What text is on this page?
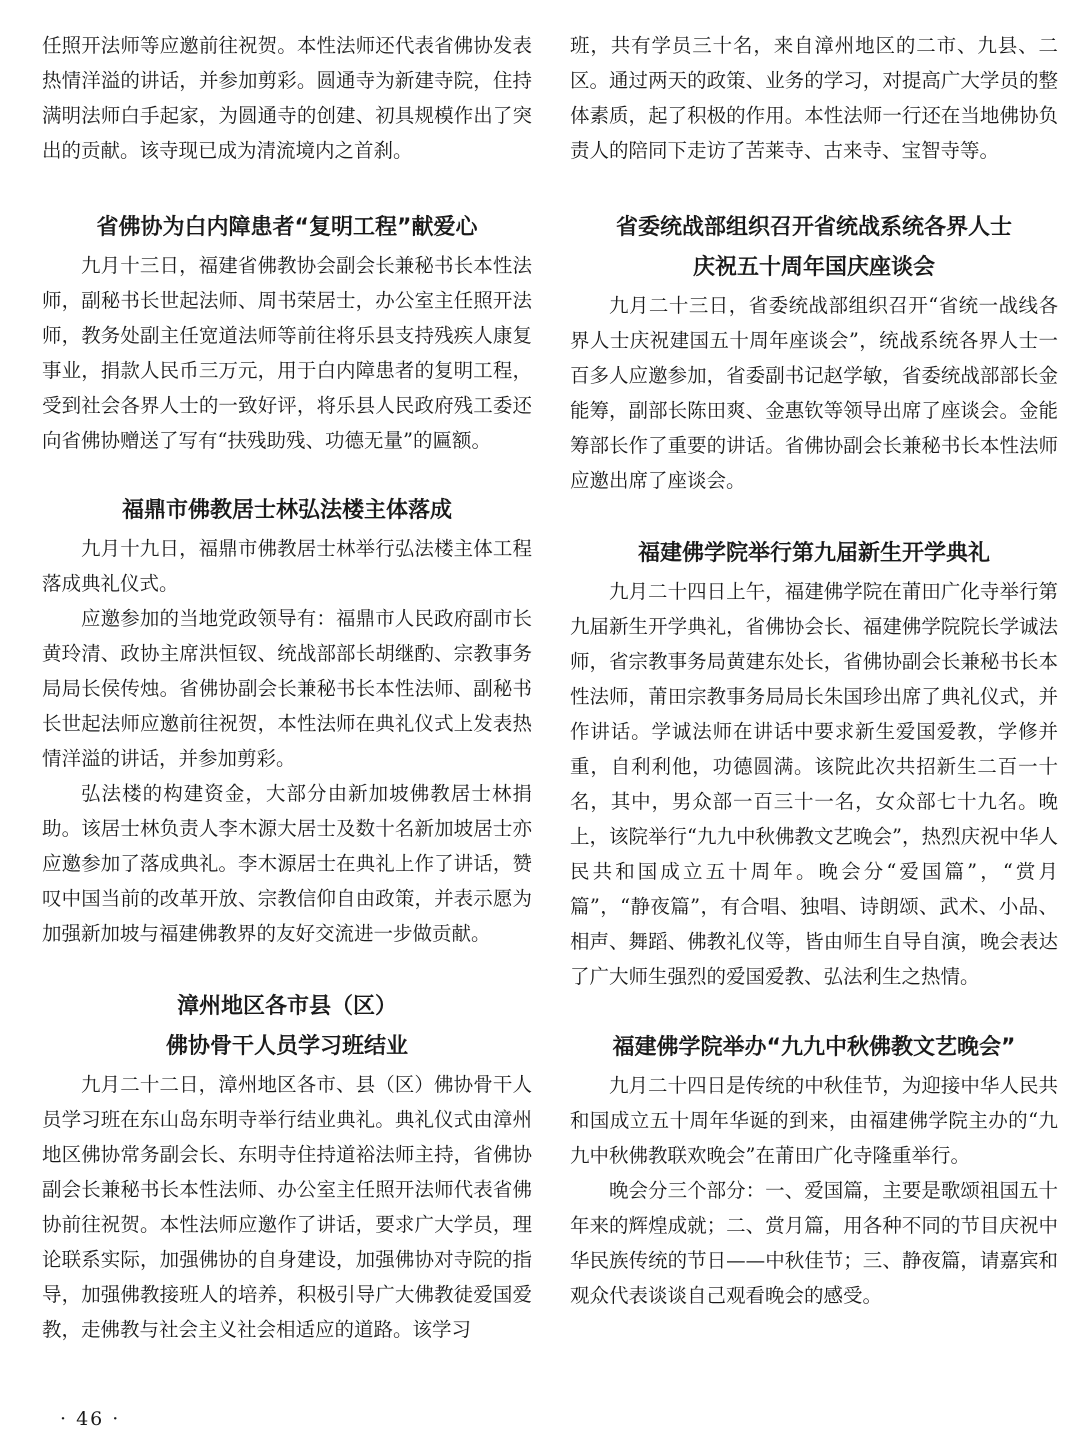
任照开法师等应邀前往祝贺。本性法师还代表省佛协发表热情洋溢的讲话，并参加剪彩。圆通寺为新建寺院，住持满明法师白手起家，为圆通寺的创建、初具规模作出了突出的贡献。该寺现已成为清流境内之首刹。

省佛协为白内障患者“复明工程”献爱心

九月十三日，福建省佛教协会副会长兼秘书长本性法师，副秘书长世起法师、周书荣居士，办公室主任照开法师，教务处副主任宽道法师等前往将乐县支持残疾人康复事业，捐款人民币三万元，用于白内障患者的复明工程，受到社会各界人士的一致好评，将乐县人民政府残工委还向省佛协赠送了写有“扶残助残、功德无量”的匾额。

福鼎市佛教居士林弘法楼主体落成

九月十九日，福鼎市佛教居士林举行弘法楼主体工程落成典礼仪式。

应邀参加的当地党政领导有：福鼎市人民政府副市长黄玲清、政协主席洪恒钗、统战部部长胡继酌、宗教事务局局长侯传烛。省佛协副会长兼秘书长本性法师、副秘书长世起法师应邀前往祝贺，本性法师在典礼仪式上发表热情洋溢的讲话，并参加剪彩。

弘法楼的构建资金，大部分由新加坡佛教居士林捐助。该居士林负责人李木源大居士及数十名新加坡居士亦应邀参加了落成典礼。李木源居士在典礼上作了讲话，赞叹中国当前的改革开放、宗教信仰自由政策，并表示愿为加强新加坡与福建佛教界的友好交流进一步做贡献。

漳州地区各市县（区）
佛协骨干人员学习班结业

九月二十二日，漳州地区各市、县（区）佛协骨干人员学习班在东山岛东明寺举行结业典礼。典礼仪式由漳州地区佛协常务副会长、东明寺住持道裕法师主持，省佛协副会长兼秘书长本性法师、办公室主任照开法师代表省佛协前往祝贺。本性法师应邀作了讲话，要求广大学员，理论联系实际，加强佛协的自身建设，加强佛协对寺院的指导，加强佛教接班人的培养，积极引导广大佛教徒爱国爱教，走佛教与社会主义社会相适应的道路。该学习

班，共有学员三十名，来自漳州地区的二市、九县、二区。通过两天的政策、业务的学习，对提高广大学员的整体素质，起了积极的作用。本性法师一行还在当地佛协负责人的陪同下走访了苦莱寺、古来寺、宝智寺等。

省委统战部组织召开省统战系统各界人士
庆祝五十周年国庆座谈会

九月二十三日，省委统战部组织召开“省统一战线各界人士庆祝建国五十周年座谈会”，统战系统各界人士一百多人应邀参加，省委副书记赵学敏，省委统战部部长金能筹，副部长陈田爽、金惠钦等领导出席了座谈会。金能筹部长作了重要的讲话。省佛协副会长兼秘书长本性法师应邀出席了座谈会。

福建佛学院举行第九届新生开学典礼

九月二十四日上午，福建佛学院在莆田广化寺举行第九届新生开学典礼，省佛协会长、福建佛学院院长学诚法师，省宗教事务局黄建东处长，省佛协副会长兼秘书长本性法师，莆田宗教事务局局长朱国珍出席了典礼仪式，并作讲话。学诚法师在讲话中要求新生爱国爱教，学修并重，自利利他，功德圆满。该院此次共招新生二百一十名，其中，男众部一百三十一名，女众部七十九名。晚上，该院举行“九九中秋佛教文艺晚会”，热烈庆祝中华人民共和国成立五十周年。晚会分“爱国篇”，“赏月篇”，“静夜篇”，有合唱、独唱、诗朗颂、武术、小品、相声、舞蹈、佛教礼仪等，皆由师生自导自演，晚会表达了广大师生强烈的爱国爱教、弘法利生之热情。

福建佛学院举办“九九中秋佛教文艺晚会”

九月二十四日是传统的中秋佳节，为迎接中华人民共和国成立五十周年华诞的到来，由福建佛学院主办的“九九中秋佛教联欢晚会”在莆田广化寺隆重举行。

晚会分三个部分：一、爱国篇，主要是歌颂祖国五十年来的辉煌成就；二、赏月篇，用各种不同的节目庆祝中华民族传统的节日——中秋佳节；三、静夜篇，请嘉宾和观众代表谈谈自己观看晚会的感受。

· 46 ·
